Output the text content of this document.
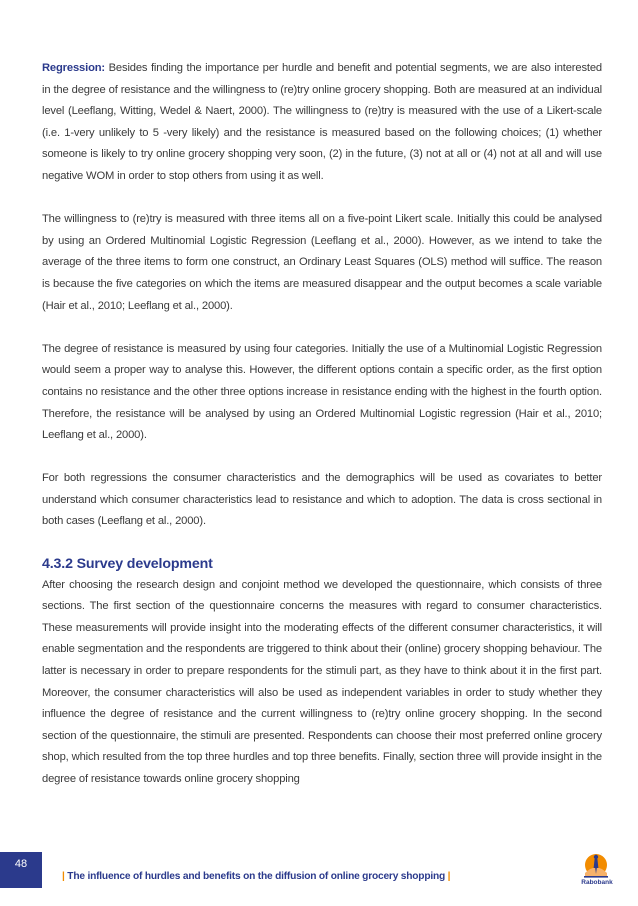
Regression: Besides finding the importance per hurdle and benefit and potential segments, we are also interested in the degree of resistance and the willingness to (re)try online grocery shopping. Both are measured at an individual level (Leeflang, Witting, Wedel & Naert, 2000). The willingness to (re)try is measured with the use of a Likert-scale (i.e. 1-very unlikely to 5 -very likely) and the resistance is measured based on the following choices; (1) whether someone is likely to try online grocery shopping very soon, (2) in the future, (3) not at all or (4) not at all and will use negative WOM in order to stop others from using it as well.

The willingness to (re)try is measured with three items all on a five-point Likert scale. Initially this could be analysed by using an Ordered Multinomial Logistic Regression (Leeflang et al., 2000). However, as we intend to take the average of the three items to form one construct, an Ordinary Least Squares (OLS) method will suffice. The reason is because the five categories on which the items are measured disappear and the output becomes a scale variable (Hair et al., 2010; Leeflang et al., 2000).

The degree of resistance is measured by using four categories. Initially the use of a Multinomial Logistic Regression would seem a proper way to analyse this. However, the different options contain a specific order, as the first option contains no resistance and the other three options increase in resistance ending with the highest in the fourth option. Therefore, the resistance will be analysed by using an Ordered Multinomial Logistic regression (Hair et al., 2010; Leeflang et al., 2000).

For both regressions the consumer characteristics and the demographics will be used as covariates to better understand which consumer characteristics lead to resistance and which to adoption. The data is cross sectional in both cases (Leeflang et al., 2000).

4.3.2 Survey development

After choosing the research design and conjoint method we developed the questionnaire, which consists of three sections. The first section of the questionnaire concerns the measures with regard to consumer characteristics. These measurements will provide insight into the moderating effects of the different consumer characteristics, it will enable segmentation and the respondents are triggered to think about their (online) grocery shopping behaviour. The latter is necessary in order to prepare respondents for the stimuli part, as they have to think about it in the first part. Moreover, the consumer characteristics will also be used as independent variables in order to study whether they influence the degree of resistance and the current willingness to (re)try online grocery shopping. In the second section of the questionnaire, the stimuli are presented. Respondents can choose their most preferred online grocery shop, which resulted from the top three hurdles and top three benefits. Finally, section three will provide insight in the degree of resistance towards online grocery shopping

48
| The influence of hurdles and benefits on the diffusion of online grocery shopping |
Rabobank
